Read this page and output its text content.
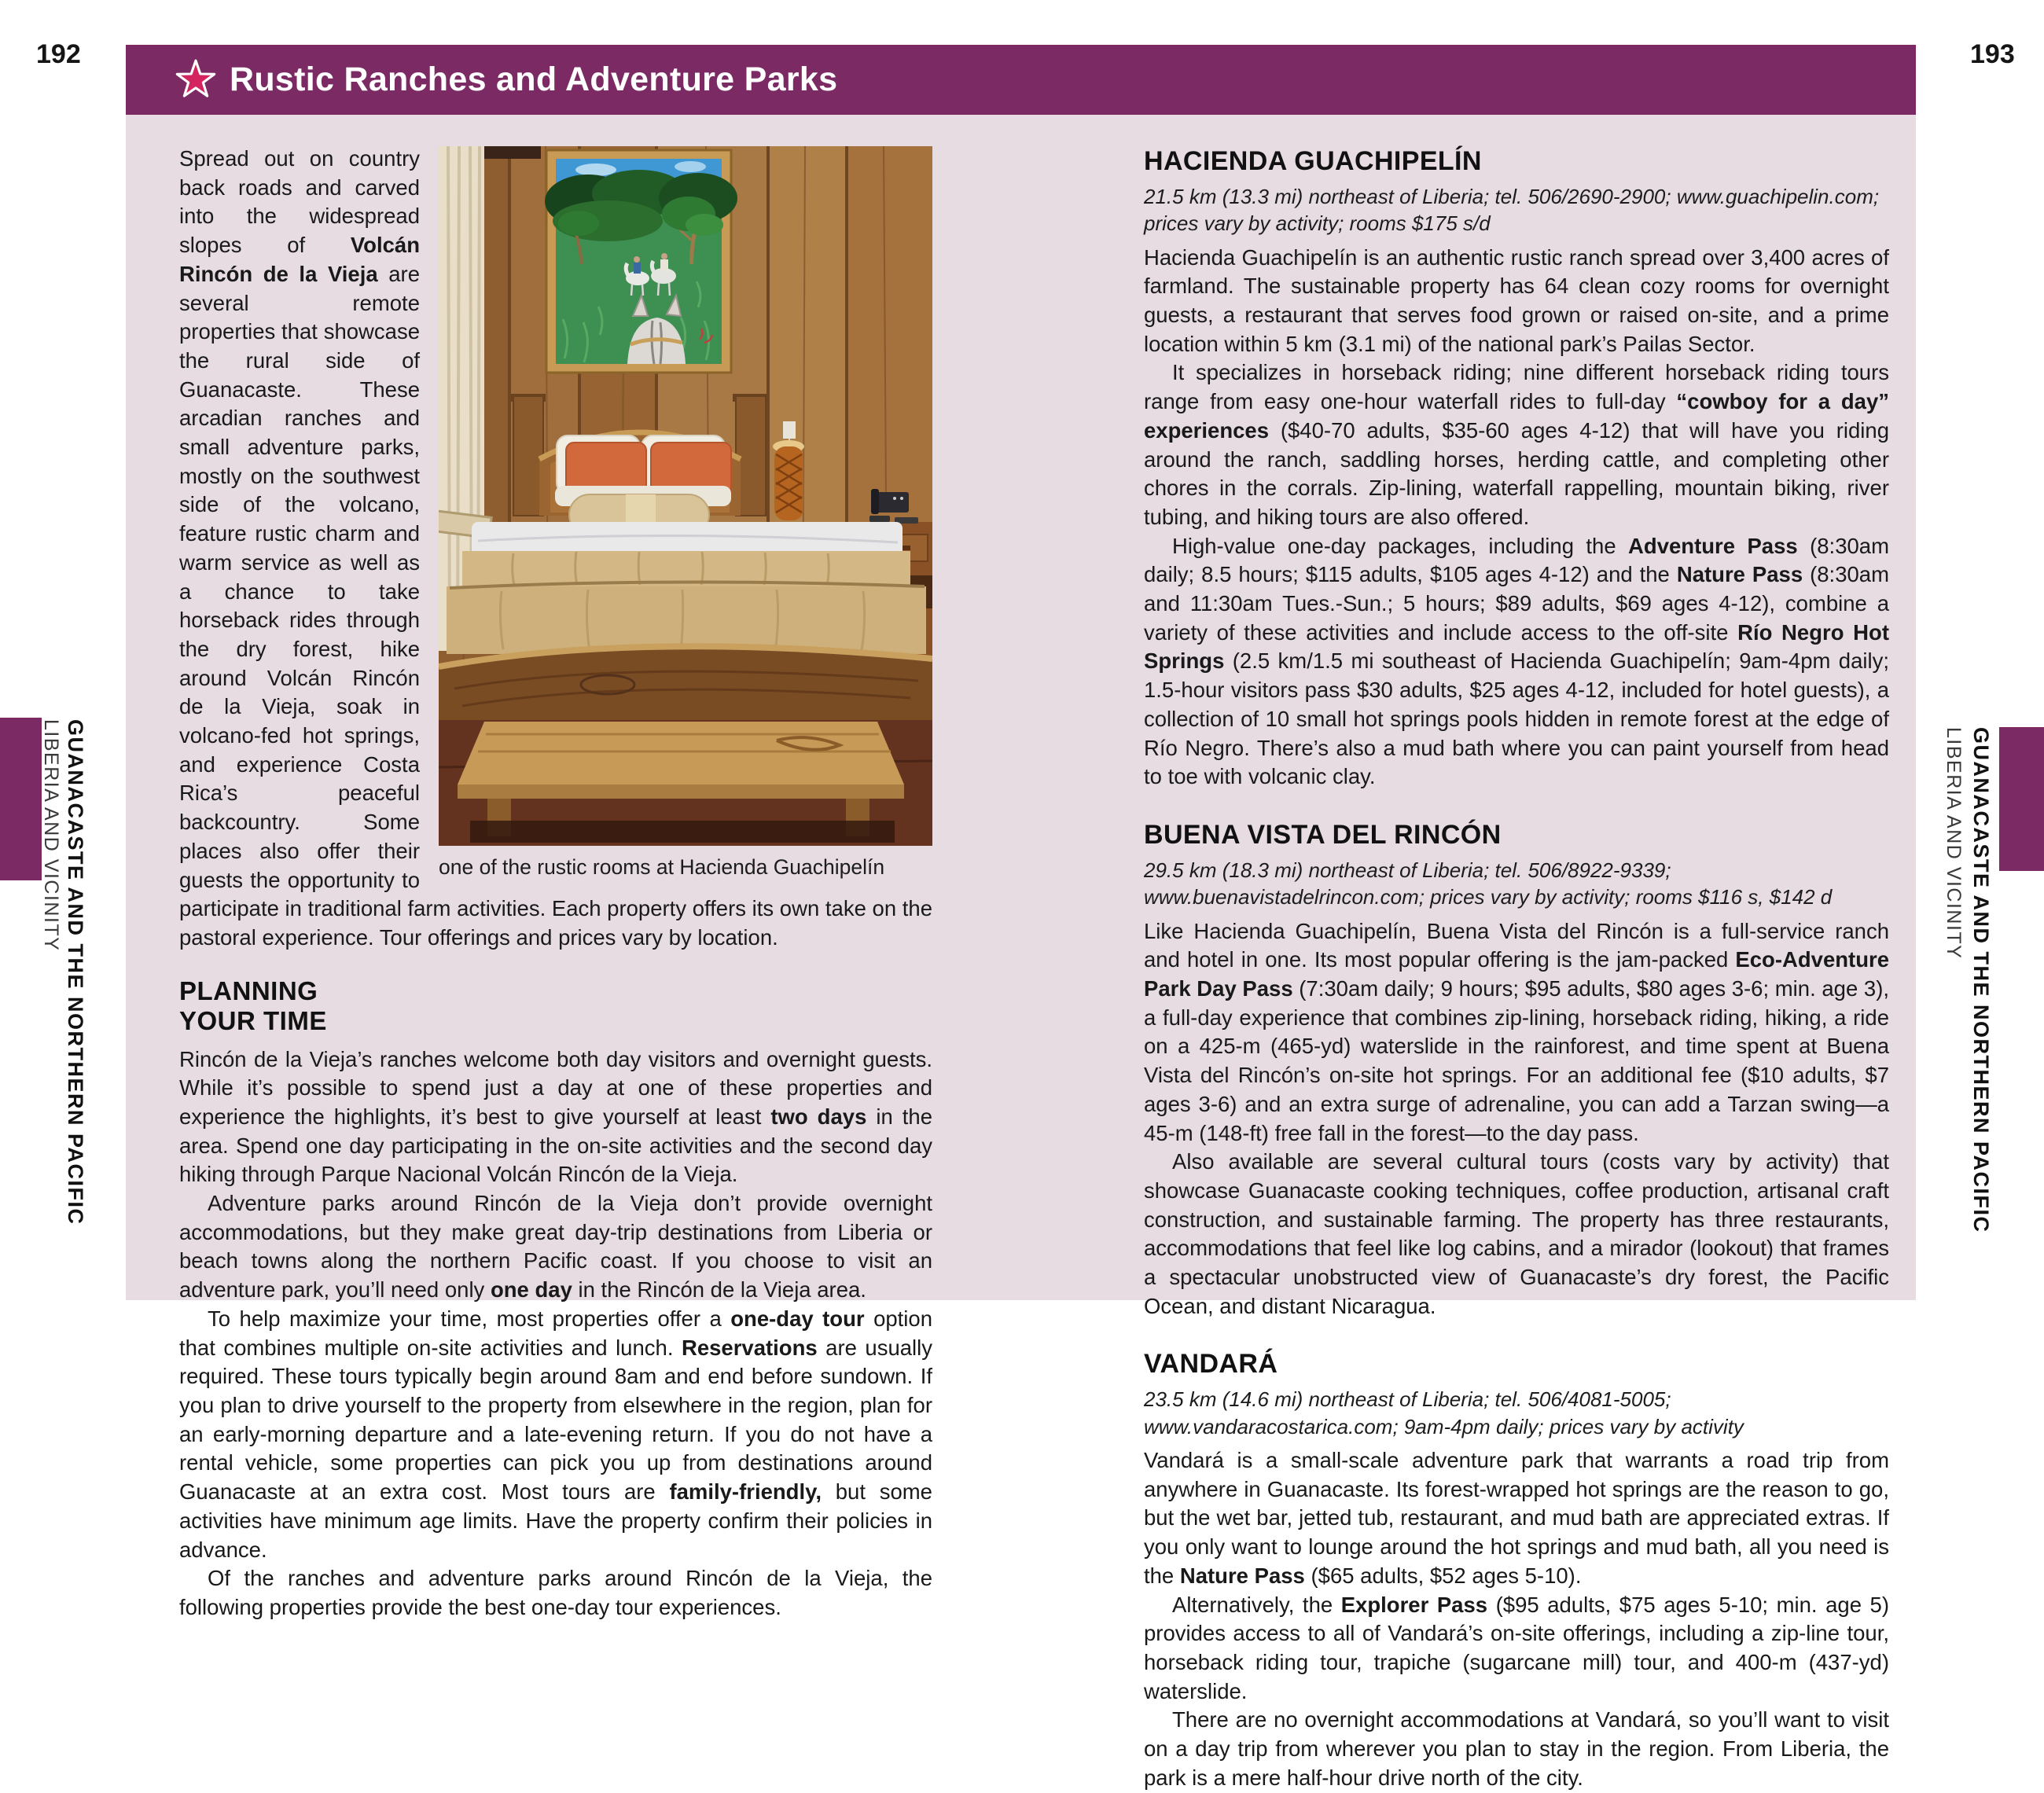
192	193
Rustic Ranches and Adventure Parks
one of the rustic rooms at Hacienda Guachipelín

Spread out on country back roads and carved into the widespread slopes of Volcán Rincón de la Vieja are several remote properties that showcase the rural side of Guanacaste. These arcadian ranches and small adventure parks, mostly on the southwest side of the volcano, feature rustic charm and warm service as well as a chance to take horseback rides through the dry forest, hike around Volcán Rincón de la Vieja, soak in volcano-fed hot springs, and experience Costa Rica’s peaceful backcountry. Some places also offer their guests the opportunity to participate in traditional farm activities. Each property offers its own take on the pastoral experience. Tour offerings and prices vary by location.

PLANNING
YOUR TIME

Rincón de la Vieja’s ranches welcome both day visitors and overnight guests. While it’s possible to spend just a day at one of these properties and experience the highlights, it’s best to give yourself at least two days in the area. Spend one day participating in the on-site activities and the second day hiking through Parque Nacional Volcán Rincón de la Vieja.

Adventure parks around Rincón de la Vieja don’t provide overnight accommodations, but they make great day-trip destinations from Liberia or beach towns along the northern Pacific coast. If you choose to visit an adventure park, you’ll need only one day in the Rincón de la Vieja area.

To help maximize your time, most properties offer a one-day tour option that combines multiple on-site activities and lunch. Reservations are usually required. These tours typically begin around 8am and end before sundown. If you plan to drive yourself to the property from elsewhere in the region, plan for an early-morning departure and a late-evening return. If you do not have a rental vehicle, some properties can pick you up from destinations around Guanacaste at an extra cost. Most tours are family-friendly, but some activities have minimum age limits. Have the property confirm their policies in advance.

Of the ranches and adventure parks around Rincón de la Vieja, the following properties provide the best one-day tour experiences.

HACIENDA GUACHIPELÍN

21.5 km (13.3 mi) northeast of Liberia; tel. 506/2690-2900; www.guachipelin.com; prices vary by activity; rooms $175 s/d

Hacienda Guachipelín is an authentic rustic ranch spread over 3,400 acres of farmland. The sustainable property has 64 clean cozy rooms for overnight guests, a restaurant that serves food grown or raised on-site, and a prime location within 5 km (3.1 mi) of the national park’s Pailas Sector.

It specializes in horseback riding; nine different horseback riding tours range from easy one-hour waterfall rides to full-day “cowboy for a day” experiences ($40-70 adults, $35-60 ages 4-12) that will have you riding around the ranch, saddling horses, herding cattle, and completing other chores in the corrals. Zip-lining, waterfall rappelling, mountain biking, river tubing, and hiking tours are also offered.

High-value one-day packages, including the Adventure Pass (8:30am daily; 8.5 hours; $115 adults, $105 ages 4-12) and the Nature Pass (8:30am and 11:30am Tues.-Sun.; 5 hours; $89 adults, $69 ages 4-12), combine a variety of these activities and include access to the off-site Río Negro Hot Springs (2.5 km/1.5 mi southeast of Hacienda Guachipelín; 9am-4pm daily; 1.5-hour visitors pass $30 adults, $25 ages 4-12, included for hotel guests), a collection of 10 small hot springs pools hidden in remote forest at the edge of Río Negro. There’s also a mud bath where you can paint yourself from head to toe with volcanic clay.

BUENA VISTA DEL RINCÓN

29.5 km (18.3 mi) northeast of Liberia; tel. 506/8922-9339; www.buenavistadelrincon.com; prices vary by activity; rooms $116 s, $142 d

Like Hacienda Guachipelín, Buena Vista del Rincón is a full-service ranch and hotel in one. Its most popular offering is the jam-packed Eco-Adventure Park Day Pass (7:30am daily; 9 hours; $95 adults, $80 ages 3-6; min. age 3), a full-day experience that combines zip-lining, horseback riding, hiking, a ride on a 425-m (465-yd) waterslide in the rainforest, and time spent at Buena Vista del Rincón’s on-site hot springs. For an additional fee ($10 adults, $7 ages 3-6) and an extra surge of adrenaline, you can add a Tarzan swing—a 45-m (148-ft) free fall in the forest—to the day pass.

Also available are several cultural tours (costs vary by activity) that showcase Guanacaste cooking techniques, coffee production, artisanal craft construction, and sustainable farming. The property has three restaurants, accommodations that feel like log cabins, and a mirador (lookout) that frames a spectacular unobstructed view of Guanacaste’s dry forest, the Pacific Ocean, and distant Nicaragua.

VANDARÁ

23.5 km (14.6 mi) northeast of Liberia; tel. 506/4081-5005; www.vandaracostarica.com; 9am-4pm daily; prices vary by activity

Vandará is a small-scale adventure park that warrants a road trip from anywhere in Guanacaste. Its forest-wrapped hot springs are the reason to go, but the wet bar, jetted tub, restaurant, and mud bath are appreciated extras. If you only want to lounge around the hot springs and mud bath, all you need is the Nature Pass ($65 adults, $52 ages 5-10).

Alternatively, the Explorer Pass ($95 adults, $75 ages 5-10; min. age 5) provides access to all of Vandará’s on-site offerings, including a zip-line tour, horseback riding tour, trapiche (sugarcane mill) tour, and 400-m (437-yd) waterslide.

There are no overnight accommodations at Vandará, so you’ll want to visit on a day trip from wherever you plan to stay in the region. From Liberia, the park is a mere half-hour drive north of the city.

LIBERIA AND VICINITY GUANACASTE AND THE NORTHERN PACIFIC	LIBERIA AND VICINITY GUANACASTE AND THE NORTHERN PACIFIC
